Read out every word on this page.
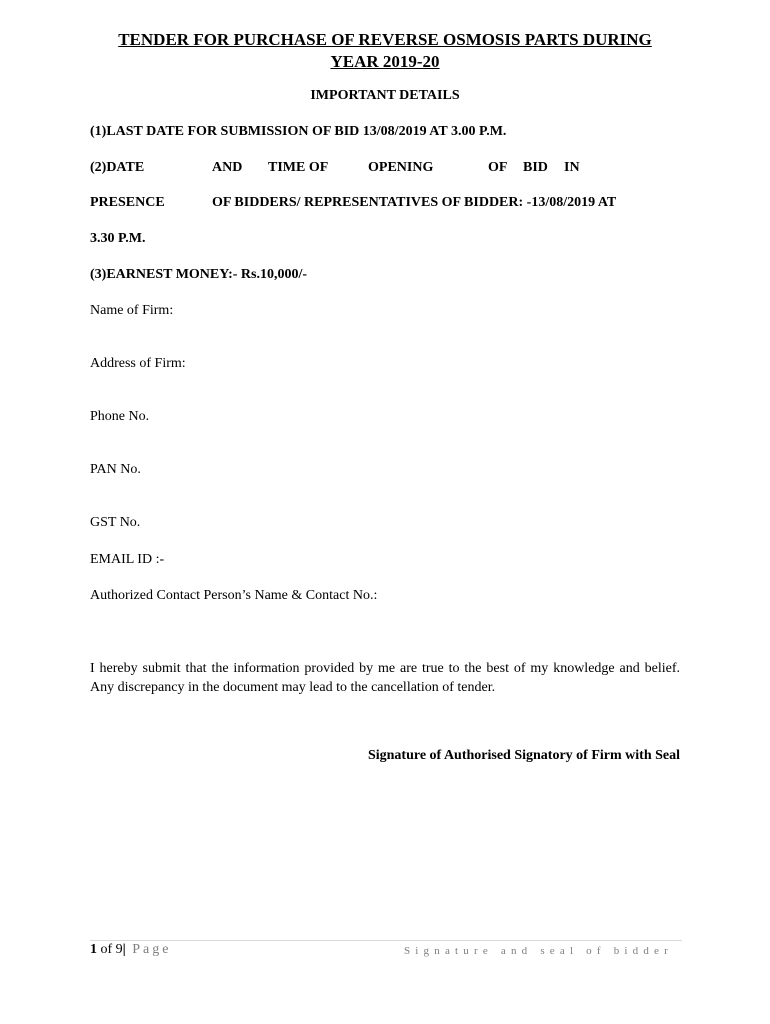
TENDER FOR PURCHASE OF REVERSE OSMOSIS PARTS DURING
YEAR 2019-20
IMPORTANT DETAILS
(1)LAST DATE FOR SUBMISSION OF BID 13/08/2019 AT 3.00 P.M.
(2)DATE	AND TIME OF	OPENING	OF BID IN
PRESENCE	OF BIDDERS/ REPRESENTATIVES OF BIDDER: -13/08/2019 AT
3.30 P.M.
(3)EARNEST MONEY:- Rs.10,000/-
Name of Firm:
Address of Firm:
Phone No.
PAN No.
GST No.
EMAIL ID :-
Authorized Contact Person’s Name & Contact No.:
I hereby submit that the information provided by me are true to the best of my knowledge and belief. Any discrepancy in the document may lead to the cancellation of tender.
Signature of Authorised Signatory of Firm with Seal
1 of 9| Page	Signature and seal of bidder
